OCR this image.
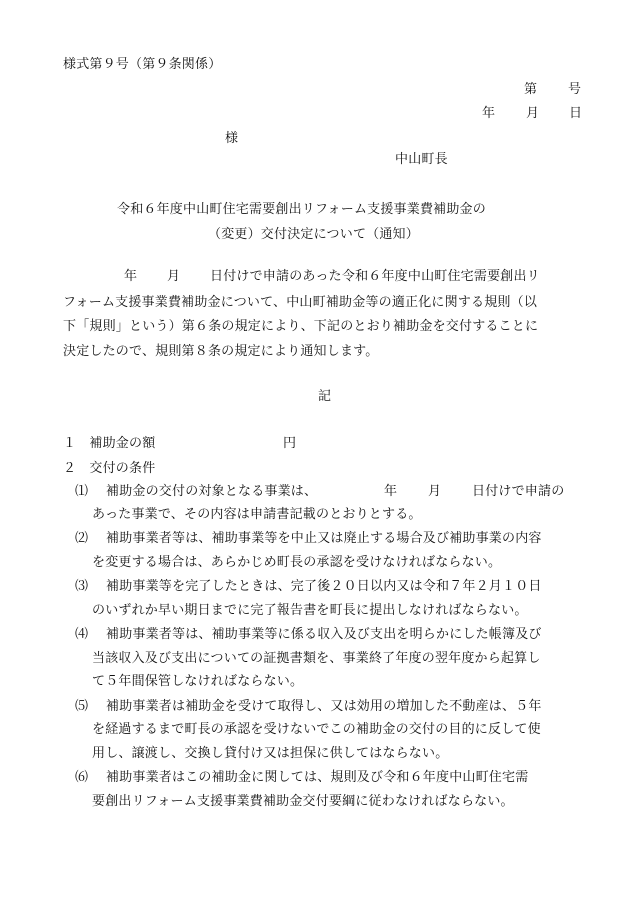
様式第９号（第９条関係）
第 号
年 月 日
様
中山町長
令和６年度中山町住宅需要創出リフォーム支援事業費補助金の
（変更）交付決定について（通知）
年 月 日付けで申請のあった令和６年度中山町住宅需要創出リ
フォーム支援事業費補助金について、中山町補助金等の適正化に関する規則（以
下「規則」という）第６条の規定により、下記のとおり補助金を交付することに
決定したので、規則第８条の規定により通知します。
記
１　補助金の額	円
２　交付の条件
⑴ 補助金の交付の対象となる事業は、	年 月 日付けで申請の
あった事業で、その内容は申請書記載のとおりとする。
⑵ 補助事業者等は、補助事業等を中止又は廃止する場合及び補助事業の内容
を変更する場合は、あらかじめ町長の承認を受けなければならない。
⑶ 補助事業等を完了したときは、完了後２０日以内又は令和７年２月１０日
のいずれか早い期日までに完了報告書を町長に提出しなければならない。
⑷ 補助事業者等は、補助事業等に係る収入及び支出を明らかにした帳簿及び
当該収入及び支出についての証拠書類を、事業終了年度の翌年度から起算し
て５年間保管しなければならない。
⑸ 補助事業者は補助金を受けて取得し、又は効用の増加した不動産は、５年
を経過するまで町長の承認を受けないでこの補助金の交付の目的に反して使
用し、譲渡し、交換し貸付け又は担保に供してはならない。
⑹ 補助事業者はこの補助金に関しては、規則及び令和６年度中山町住宅需
要創出リフォーム支援事業費補助金交付要綱に従わなければならない。
